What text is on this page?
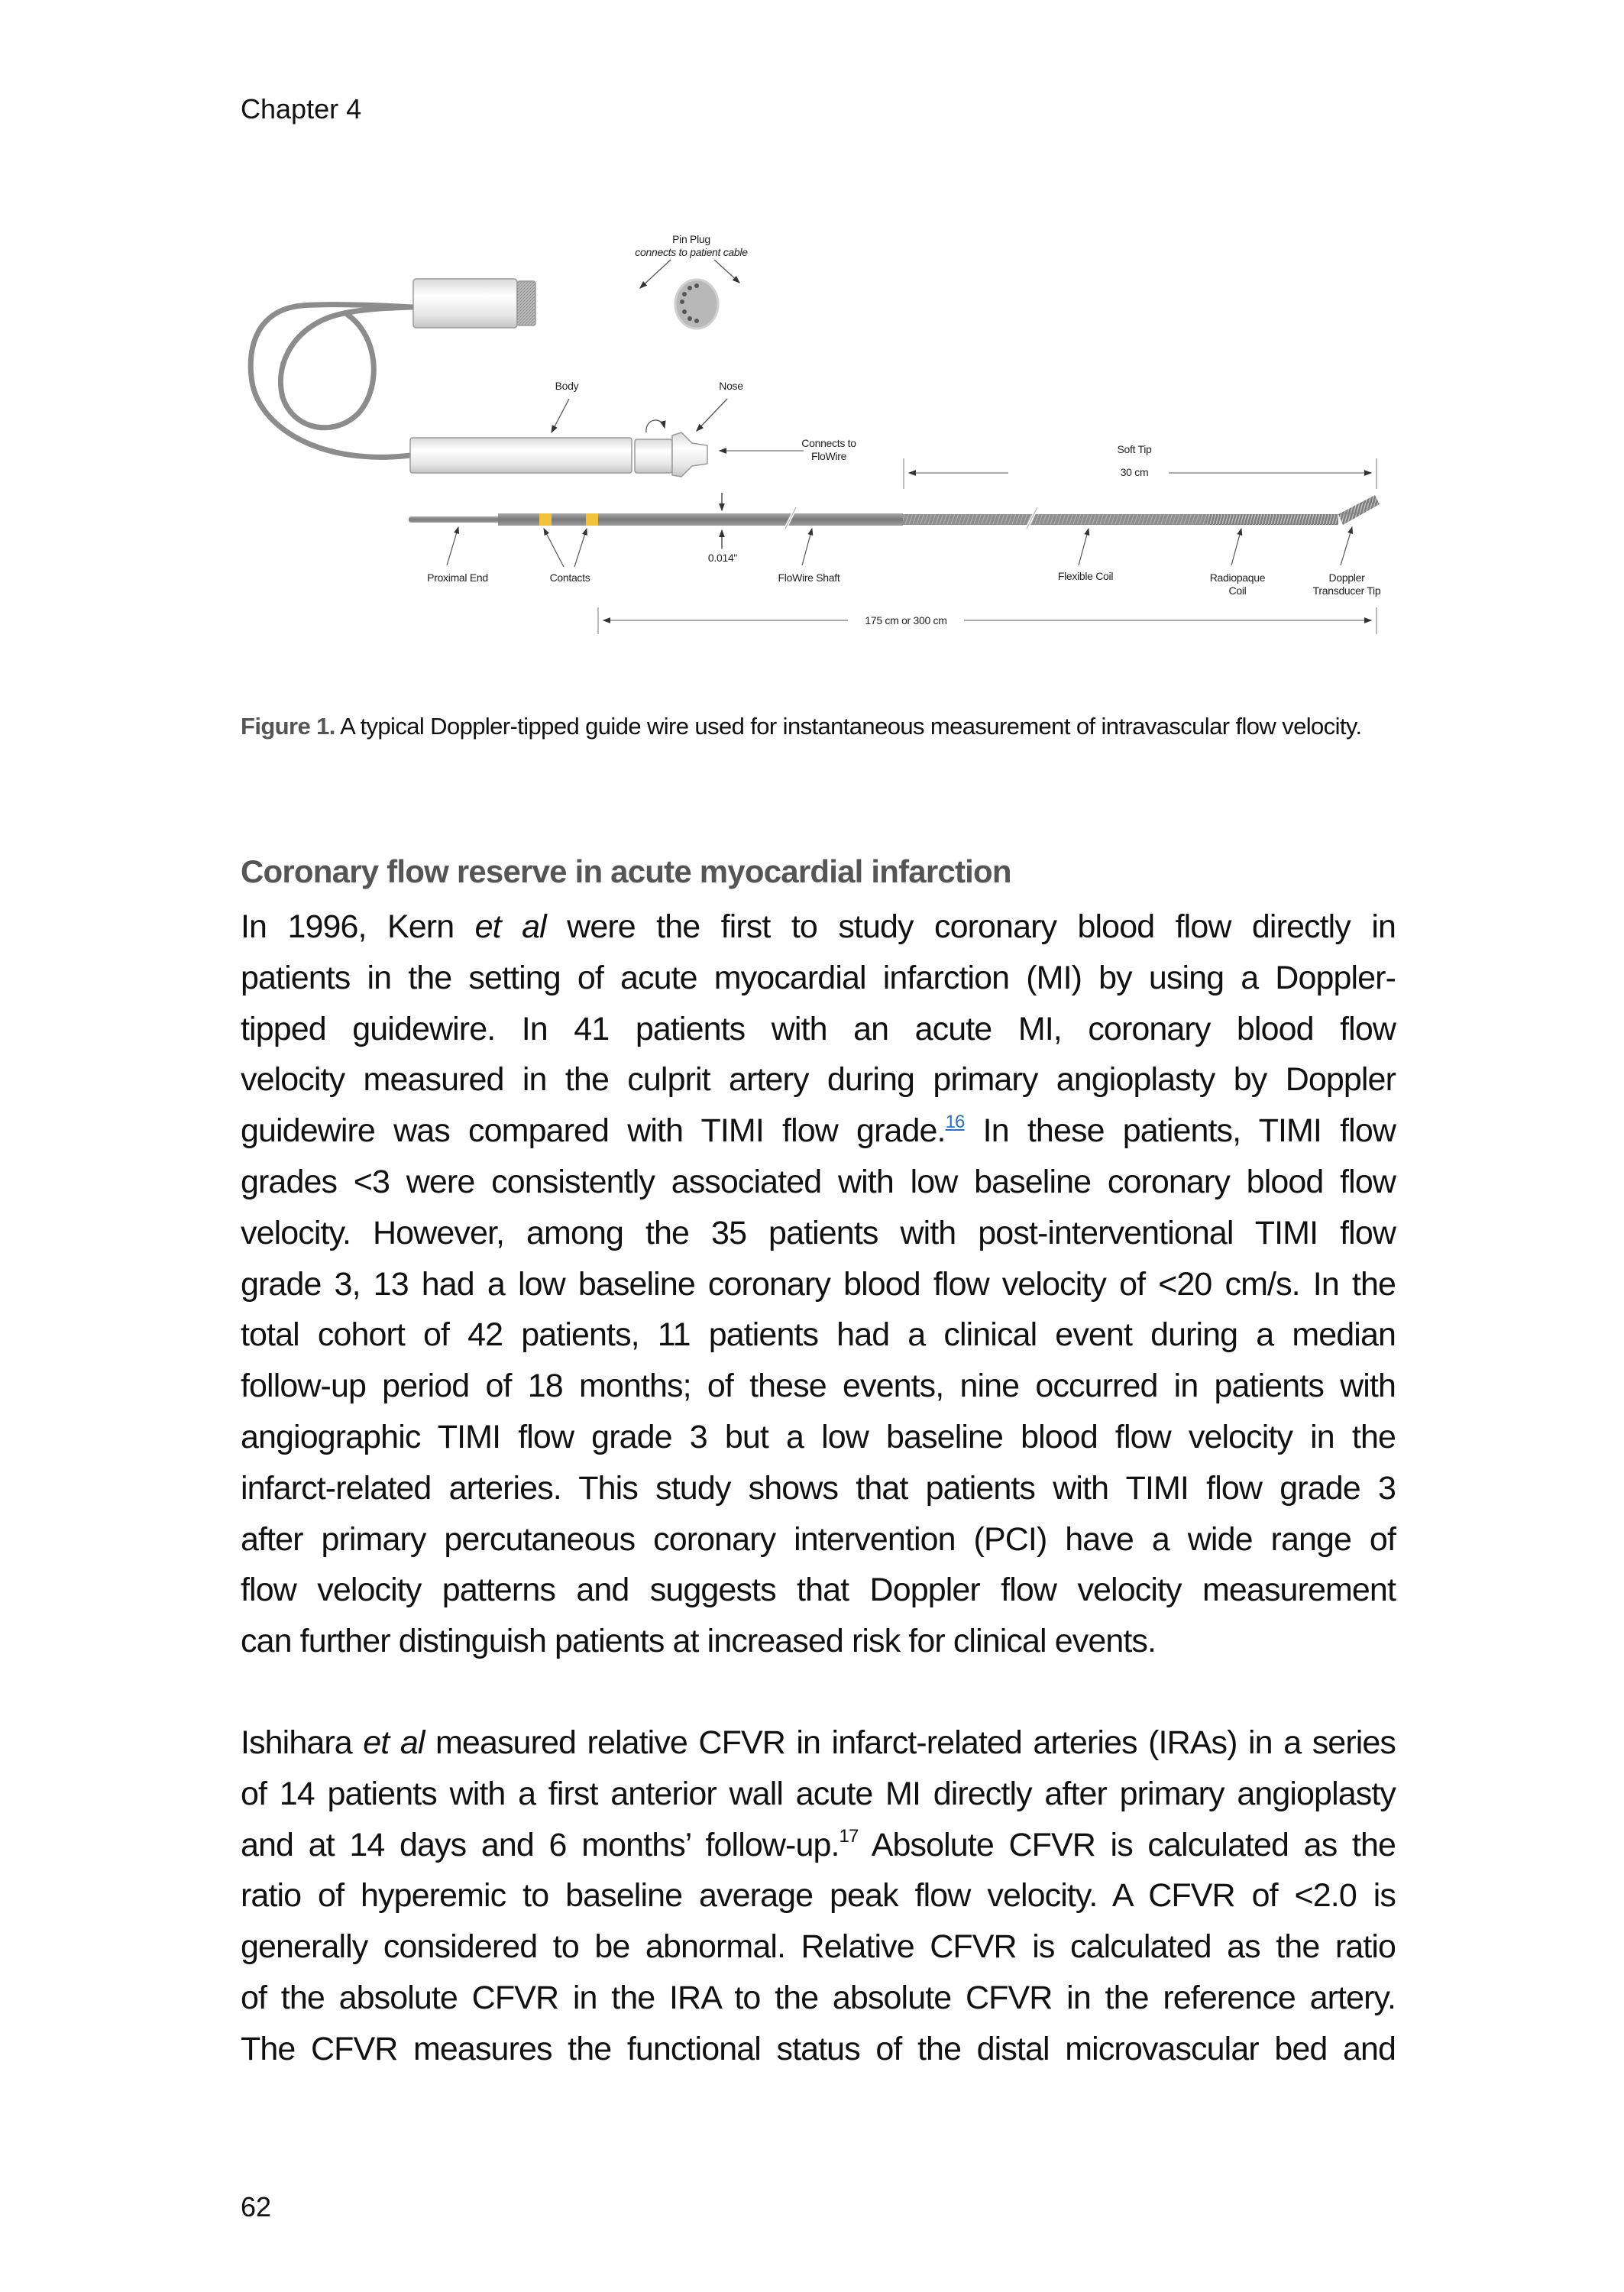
Chapter 4
Pin Plug
connects to patient cable
Body	Nose
Connects to
FloWire
Soft Tip
30 cm
0.014"
Proximal End	Contacts	FloWire Shaft	Flexible Coil	Radiopaque
Coil
Doppler
Transducer Tip
175 cm or 300 cm
Figure 1. A typical Doppler-tipped guide wire used for instantaneous measurement of intravascular flow velocity.
Coronary flow reserve in acute myocardial infarction
In 1996, Kern et al were the first to study coronary blood flow directly in
patients in the setting of acute myocardial infarction (MI) by using a Doppler-
tipped guidewire. In 41 patients with an acute MI, coronary blood flow
velocity measured in the culprit artery during primary angioplasty by Doppler
guidewire was compared with TIMI flow grade.$^{16}$ In these patients, TIMI flow
grades <3 were consistently associated with low baseline coronary blood flow
velocity. However, among the 35 patients with post-interventional TIMI flow
grade 3, 13 had a low baseline coronary blood flow velocity of <20 cm/s. In the
total cohort of 42 patients, 11 patients had a clinical event during a median
follow-up period of 18 months; of these events, nine occurred in patients with
angiographic TIMI flow grade 3 but a low baseline blood flow velocity in the
infarct-related arteries. This study shows that patients with TIMI flow grade 3
after primary percutaneous coronary intervention (PCI) have a wide range of
flow velocity patterns and suggests that Doppler flow velocity measurement
can further distinguish patients at increased risk for clinical events.
Ishihara et al measured relative CFVR in infarct-related arteries (IRAs) in a series
of 14 patients with a first anterior wall acute MI directly after primary angioplasty
and at 14 days and 6 months’ follow-up.$^{17}$ Absolute CFVR is calculated as the
ratio of hyperemic to baseline average peak flow velocity. A CFVR of <2.0 is
generally considered to be abnormal. Relative CFVR is calculated as the ratio
of the absolute CFVR in the IRA to the absolute CFVR in the reference artery.
The CFVR measures the functional status of the distal microvascular bed and
62
